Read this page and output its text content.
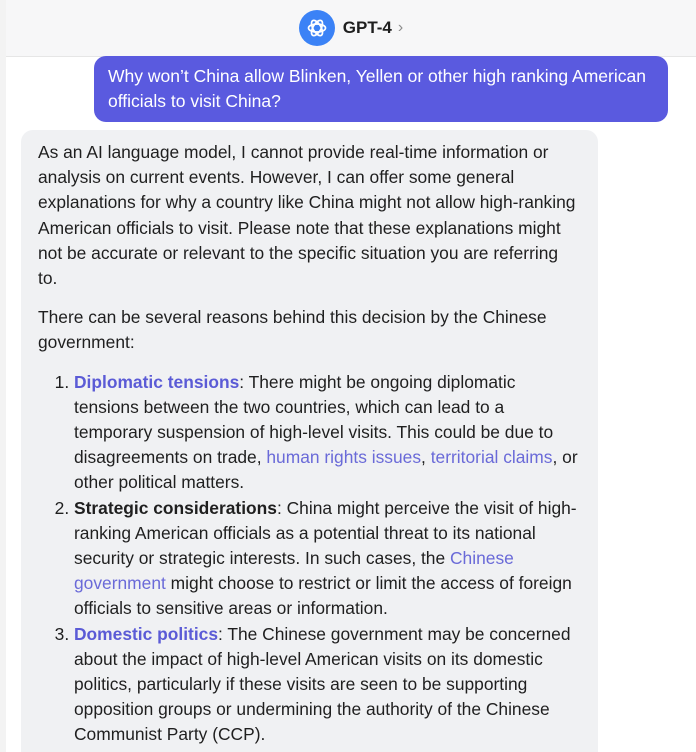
GPT-4 ›
Why won’t China allow Blinken, Yellen or other high ranking American officials to visit China?

As an AI language model, I cannot provide real-time information or analysis on current events. However, I can offer some general explanations for why a country like China might not allow high-ranking American officials to visit. Please note that these explanations might not be accurate or relevant to the specific situation you are referring to.

There can be several reasons behind this decision by the Chinese government:

1. Diplomatic tensions: There might be ongoing diplomatic tensions between the two countries, which can lead to a temporary suspension of high-level visits. This could be due to disagreements on trade, human rights issues, territorial claims, or other political matters.
2. Strategic considerations: China might perceive the visit of high-ranking American officials as a potential threat to its national security or strategic interests. In such cases, the Chinese government might choose to restrict or limit the access of foreign officials to sensitive areas or information.
3. Domestic politics: The Chinese government may be concerned about the impact of high-level American visits on its domestic politics, particularly if these visits are seen to be supporting opposition groups or undermining the authority of the Chinese Communist Party (CCP).
